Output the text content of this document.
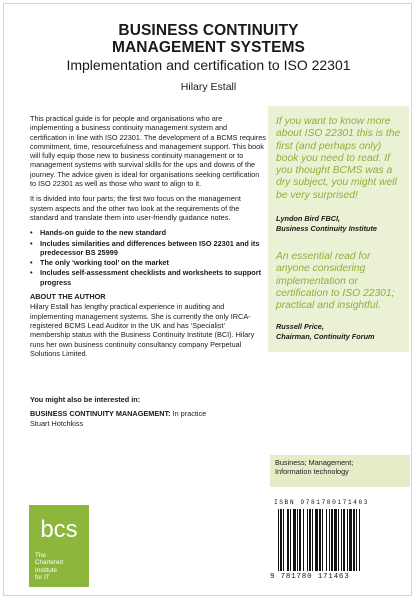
BUSINESS CONTINUITY
MANAGEMENT SYSTEMS
Implementation and certification to ISO 22301
Hilary Estall

This practical guide is for people and organisations who are implementing a business continuity management system and certification in line with ISO 22301. The development of a BCMS requires commitment, time, resourcefulness and management support. This book will fully equip those new to business continuity management or to management systems with survival skills for the ups and downs of the journey. The advice given is ideal for organisations seeking certification to ISO 22301 as well as those who want to align to it.

It is divided into four parts; the first two focus on the management system aspects and the other two look at the requirements of the standard and translate them into user-friendly guidance notes.

• Hands-on guide to the new standard
• Includes similarities and differences between ISO 22301 and its predecessor BS 25999
• The only ‘working tool’ on the market
• Includes self-assessment checklists and worksheets to support progress
ABOUT THE AUTHOR

Hilary Estall has lengthy practical experience in auditing and implementing management systems. She is currently the only IRCA-registered BCMS Lead Auditor in the UK and has ‘Specialist’ membership status with the Business Continuity Institute (BCI). Hilary runs her own business continuity consultancy company Perpetual Solutions Limited.

If you want to know more about ISO 22301 this is the first (and perhaps only) book you need to read. If you thought BCMS was a dry subject, you might well be very surprised!
Lyndon Bird FBCI,
Business Continuity Institute
An essential read for anyone considering implementation or certification to ISO 22301; practical and insightful.
Russell Price,
Chairman, Continuity Forum
You might also be interested in:
BUSINESS CONTINUITY MANAGEMENT: In practice
Stuart Hotchkiss
Business; Management;
Information technology
bcs
The
Chartered
Institute
for IT
ISBN 9781780171463
9 781780 171463
